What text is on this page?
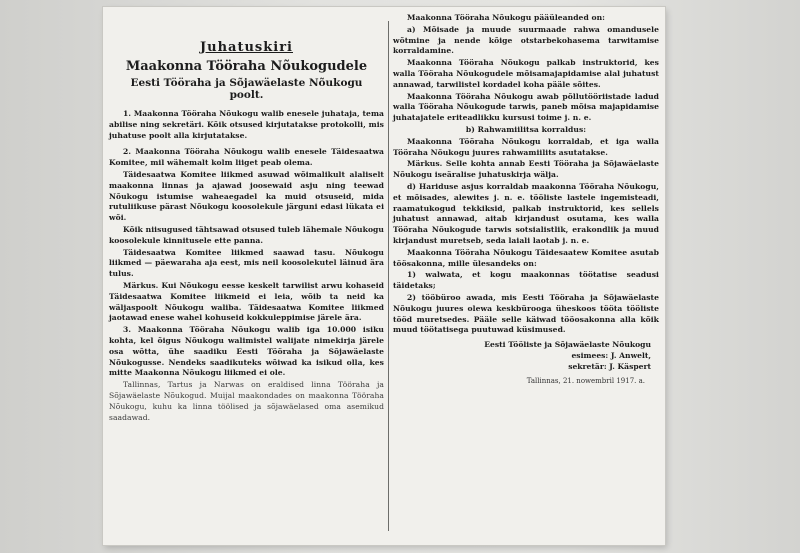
Juhatuskiri
Maakonna Tööraha Nõukogudele
Eesti Tööraha ja Sõjawäelaste Nõukogu
poolt.

1. Maakonna Tööraha Nõukogu walib enesele juhataja, tema abilise ning sekretäri. Kõik otsused kirjutatakse protokolli, mis juhatuse poolt alla kirjutatakse.

2. Maakonna Tööraha Nõukogu walib enesele Täidesaatwa Komitee, mil wähemalt kolm liiget peab olema.

Täidesaatwa Komitee liikmed asuwad wõimalikult alaliselt maakonna linnas ja ajawad joosewaid asju ning teewad Nõukogu istumise waheaegadel ka muid otsuseid, mida rutuliikuse pärast Nõukogu koosolekule järguni edasi lükata ei wõi.

Kõik niisugused tähtsawad otsused tuleb lähemale Nõukogu koosolekule kinnitusele ette panna.

Täidesaatwa Komitee liikmed saawad tasu. Nõukogu liikmed — päewaraha aja eest, mis neil koosolekutel läinud ära tulus.

Märkus. Kui Nõukogu eesse keskelt tarwilist arwu kohaseid Täidesaatwa Komitee liikmeid ei leia, wõib ta neid ka wäljaspoolt Nõukogu waliba. Täidesaatwa Komitee liikmed jaotawad enese wahel kohuseid kokkuleppimise järele ära.

3. Maakonna Tööraha Nõukogu walib iga 10.000 isiku kohta, kel õigus Nõukogu walimistel walijate nimekirja järele osa wõtta, ühe saadiku Eesti Tööraha ja Sõjawäelaste Nõukogusse. Nendeks saadikuteks wõiwad ka isikud olla, kes mitte Maakonna Nõukogu liikmed ei ole.

Tallinnas, Tartus ja Narwas on eraldised linna Tööraha ja Sõjawäelaste Nõukogud. Muijal maakondades on maakonna Tööraha Nõukogu, kuhu ka linna töölised ja sõjawäelased oma asemikud saadawad.

Maakonna Tööraha Nõukogu pääüleanded on:

a) Mõisade ja muude suurmaade rahwa omandusele wõtmine ja nende kõige otstarbekohasema tarwitamise korraldamine.

Maakonna Tööraha Nõukogu palkab instruktorid, kes walla Tööraha Nõukogudele mõisamajapidamise alal juhatust annawad, tarwilistel kordadel koha pääle sõites.

Maakonna Tööraha Nõukogu awab põllutööriistade ladud walla Tööraha Nõukogude tarwis, paneb mõisa majapidamise juhatajatele eriteadlikku kursusi toime j. n. e.

b) Rahwamiilitsa korraldus:

Maakonna Tööraha Nõukogu korraldab, et iga walla Tööraha Nõukogu juures rahwamiilits asutatakse.

Märkus. Selle kohta annab Eesti Tööraha ja Sõjawäelaste Nõukogu iseäralise juhatuskirja wälja.

d) Hariduse asjus korraldab maakonna Tööraha Nõukogu, et mõisades, alewites j. n. e. tööliste lastele ingemisteadi, raamatukogud tekkiksid, palkab instruktorid, kes sellels juhatust annawad, aitab kirjandust osutama, kes walla Tööraha Nõukogude tarwis sotsialistlik, erakondlik ja muud kirjandust muretseb, seda laiali laotab j. n. e.

Maakonna Tööraha Nõukogu Täidesaatew Komitee asutab töösakonna, mille ülesandeks on:

1) walwata, et kogu maakonnas töötatise seadusi täidetaks;

2) tööbüroo awada, mis Eesti Tööraha ja Sõjawäelaste Nõukogu juures olewa keskbürooga üheskoos tööta tööliste tööd muretsedes. Pääle selle käiwad tööosakonna alla kõik muud töötatisega puutuwad küsimused.

Eesti Tööliste ja Sõjawäelaste Nõukogu
esimees: J. Anwelt,
sekretär: J. Käspert
Tallinnas, 21. nowembril 1917. a.
